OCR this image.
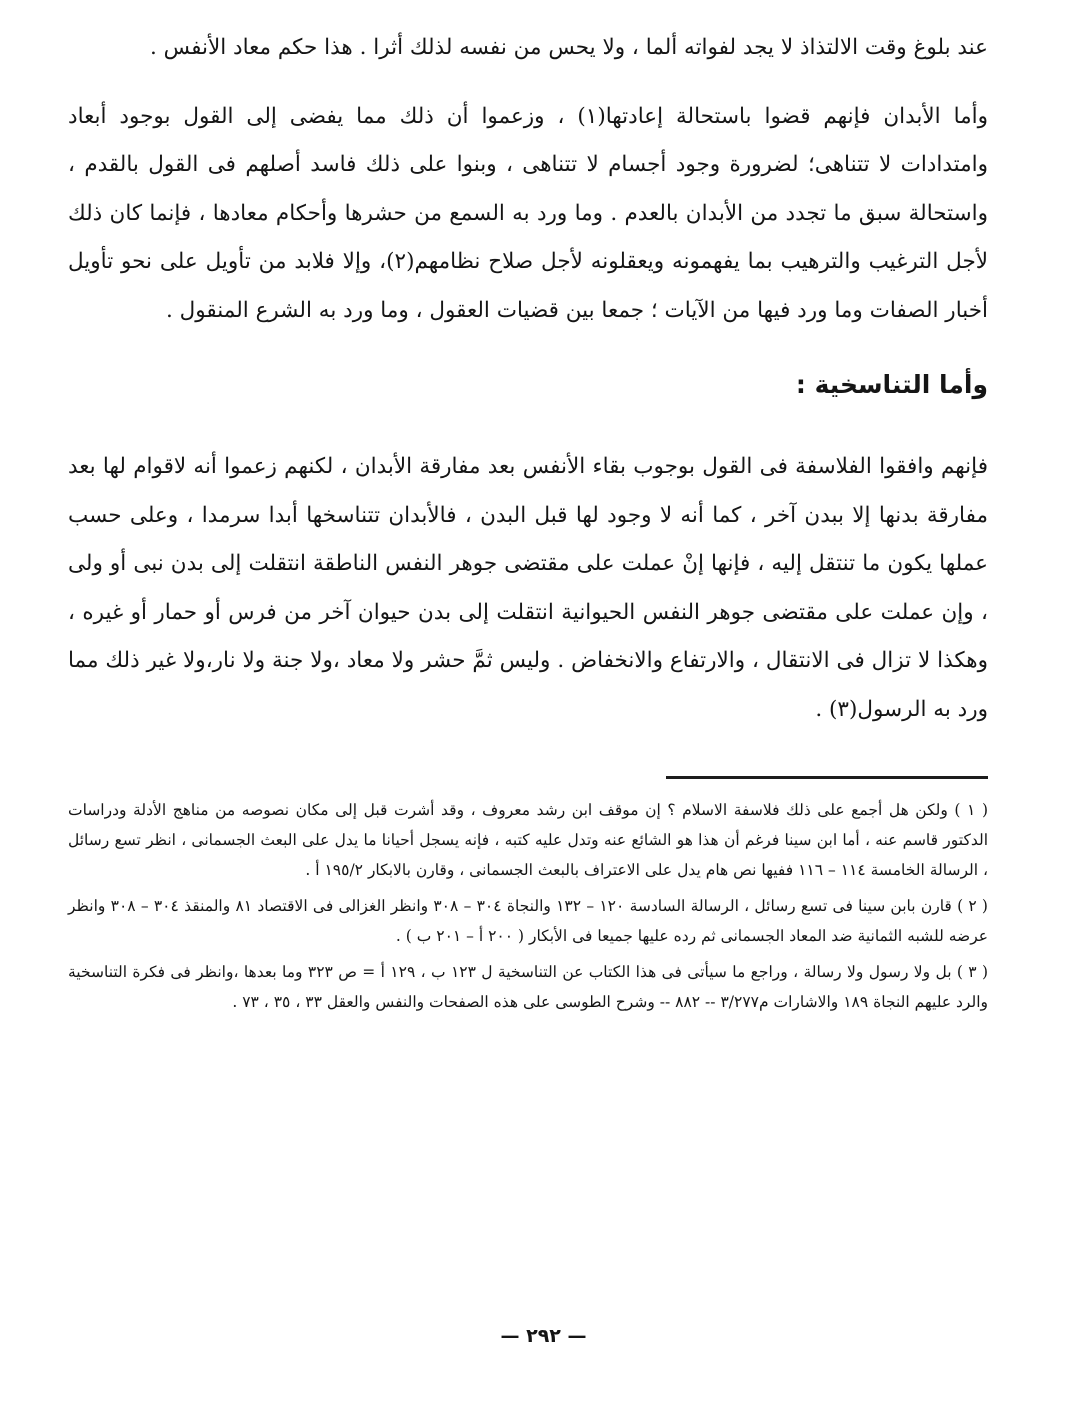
عند بلوغ وقت الالتذاذ لا يجد لفواته ألما ، ولا يحس من نفسه لذلك أثرا . هذا حكم معاد الأنفس .

وأما الأبدان فإنهم قضوا باستحالة إعادتها(١) ، وزعموا أن ذلك مما يفضى إلى القول بوجود أبعاد وامتدادات لا تتناهى؛ لضرورة وجود أجسام لا تتناهى ، وبنوا على ذلك فاسد أصلهم فى القول بالقدم ، واستحالة سبق ما تجدد من الأبدان بالعدم . وما ورد به السمع من حشرها وأحكام معادها ، فإنما كان ذلك لأجل الترغيب والترهيب بما يفهمونه ويعقلونه لأجل صلاح نظامهم(٢)، وإلا فلابد من تأويل على نحو تأويل أخبار الصفات وما ورد فيها من الآيات ؛ جمعا بين قضيات العقول ، وما ورد به الشرع المنقول .

وأما التناسخية :

فإنهم وافقوا الفلاسفة فى القول بوجوب بقاء الأنفس بعد مفارقة الأبدان ، لكنهم زعموا أنه لاقوام لها بعد مفارقة بدنها إلا ببدن آخر ، كما أنه لا وجود لها قبل البدن ، فالأبدان تتناسخها أبدا سرمدا ، وعلى حسب عملها يكون ما تنتقل إليه ، فإنها إنْ عملت على مقتضى جوهر النفس الناطقة انتقلت إلى بدن نبى أو ولى ، وإن عملت على مقتضى جوهر النفس الحيوانية انتقلت إلى بدن حيوان آخر من فرس أو حمار أو غيره ، وهكذا لا تزال فى الانتقال ، والارتفاع والانخفاض . وليس ثمَّ حشر ولا معاد ،ولا جنة ولا نار،ولا غير ذلك مما ورد به الرسول(٣) .

( ١ ) ولكن هل أجمع على ذلك فلاسفة الاسلام ؟ إن موقف ابن رشد معروف ، وقد أشرت قبل إلى مكان نصوصه من مناهج الأدلة ودراسات الدكتور قاسم عنه ، أما ابن سينا فرغم أن هذا هو الشائع عنه وتدل عليه كتبه ، فإنه يسجل أحيانا ما يدل على البعث الجسمانى ، انظر تسع رسائل ، الرسالة الخامسة ١١٤ – ١١٦ ففيها نص هام يدل على الاعتراف بالبعث الجسمانى ، وقارن بالابكار ١٩٥/٢ أ .

( ٢ ) قارن بابن سينا فى تسع رسائل ، الرسالة السادسة ١٢٠ – ١٣٢ والنجاة ٣٠٤ – ٣٠٨ وانظر الغزالى فى الاقتصاد ٨١ والمنقذ ٣٠٤ – ٣٠٨ وانظر عرضه للشبه الثمانية ضد المعاد الجسمانى ثم رده عليها جميعا فى الأبكار ( ٢٠٠ أ – ٢٠١ ب ) .

( ٣ ) بل ولا رسول ولا رسالة ، وراجع ما سيأتى فى هذا الكتاب عن التناسخية ل ١٢٣ ب ، ١٢٩ أ = ص ٣٢٣ وما بعدها ،وانظر فى فكرة التناسخية والرد عليهم النجاة ١٨٩ والاشارات م٣/٢٧٧ -- ٨٨٢ -- وشرح الطوسى على هذه الصفحات والنفس والعقل ٣٣ ، ٣٥ ، ٧٣ .

— ٢٩٢ —
